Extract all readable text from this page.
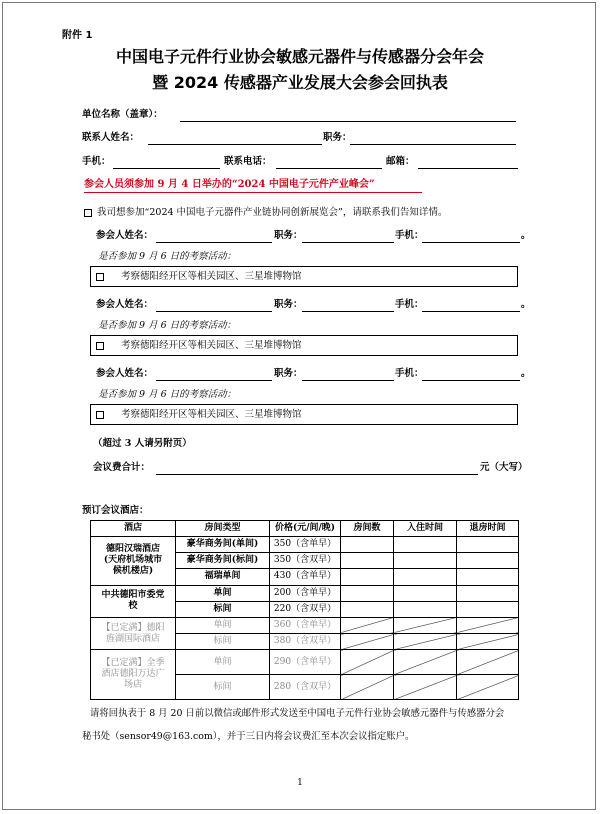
附件 1
中国电子元件行业协会敏感元器件与传感器分会年会
暨 2024 传感器产业发展大会参会回执表
单位名称（盖章）：
联系人姓名：	职务：
手机：	联系电话：	邮箱：
参会人员须参加 9 月 4 日举办的“2024 中国电子元件产业峰会”
我司想参加“2024 中国电子元器件产业链协同创新展览会”，请联系我们告知详情。
参会人姓名：	职务：	手机：	。
是否参加 9 月 6 日的考察活动：
考察德阳经开区等相关园区、三星堆博物馆
参会人姓名：	职务：	手机：	。
是否参加 9 月 6 日的考察活动：
考察德阳经开区等相关园区、三星堆博物馆
参会人姓名：	职务：	手机：	。
是否参加 9 月 6 日的考察活动：
考察德阳经开区等相关园区、三星堆博物馆
（超过 3 人请另附页）
会议费合计：	元（大写）
预订会议酒店：
酒店	房间类型	价格(元/间/晚)	房间数	入住时间	退房时间

德阳汉瑞酒店
(天府机场城市
候机楼店)	豪华商务间(单间)	350（含单早）			
	豪华商务间(标间)	350（含双早）			
	福瑞单间	430（含单早）			

中共德阳市委党
校	单间	200（含单早）			
	标间	220（含双早）			

【已定满】德阳
旌湖国际酒店	单间	360（含单早）			
	标间	380（含双早）			

【已定满】全季
酒店德阳万达广
场店	单间	290（含单早）			
	标间	280（含双早）			
请将回执表于 8 月 20 日前以微信或邮件形式发送至中国电子元件行业协会敏感元器件与传感器分会
秘书处（sensor49@163.com），并于三日内将会议费汇至本次会议指定账户。
1
